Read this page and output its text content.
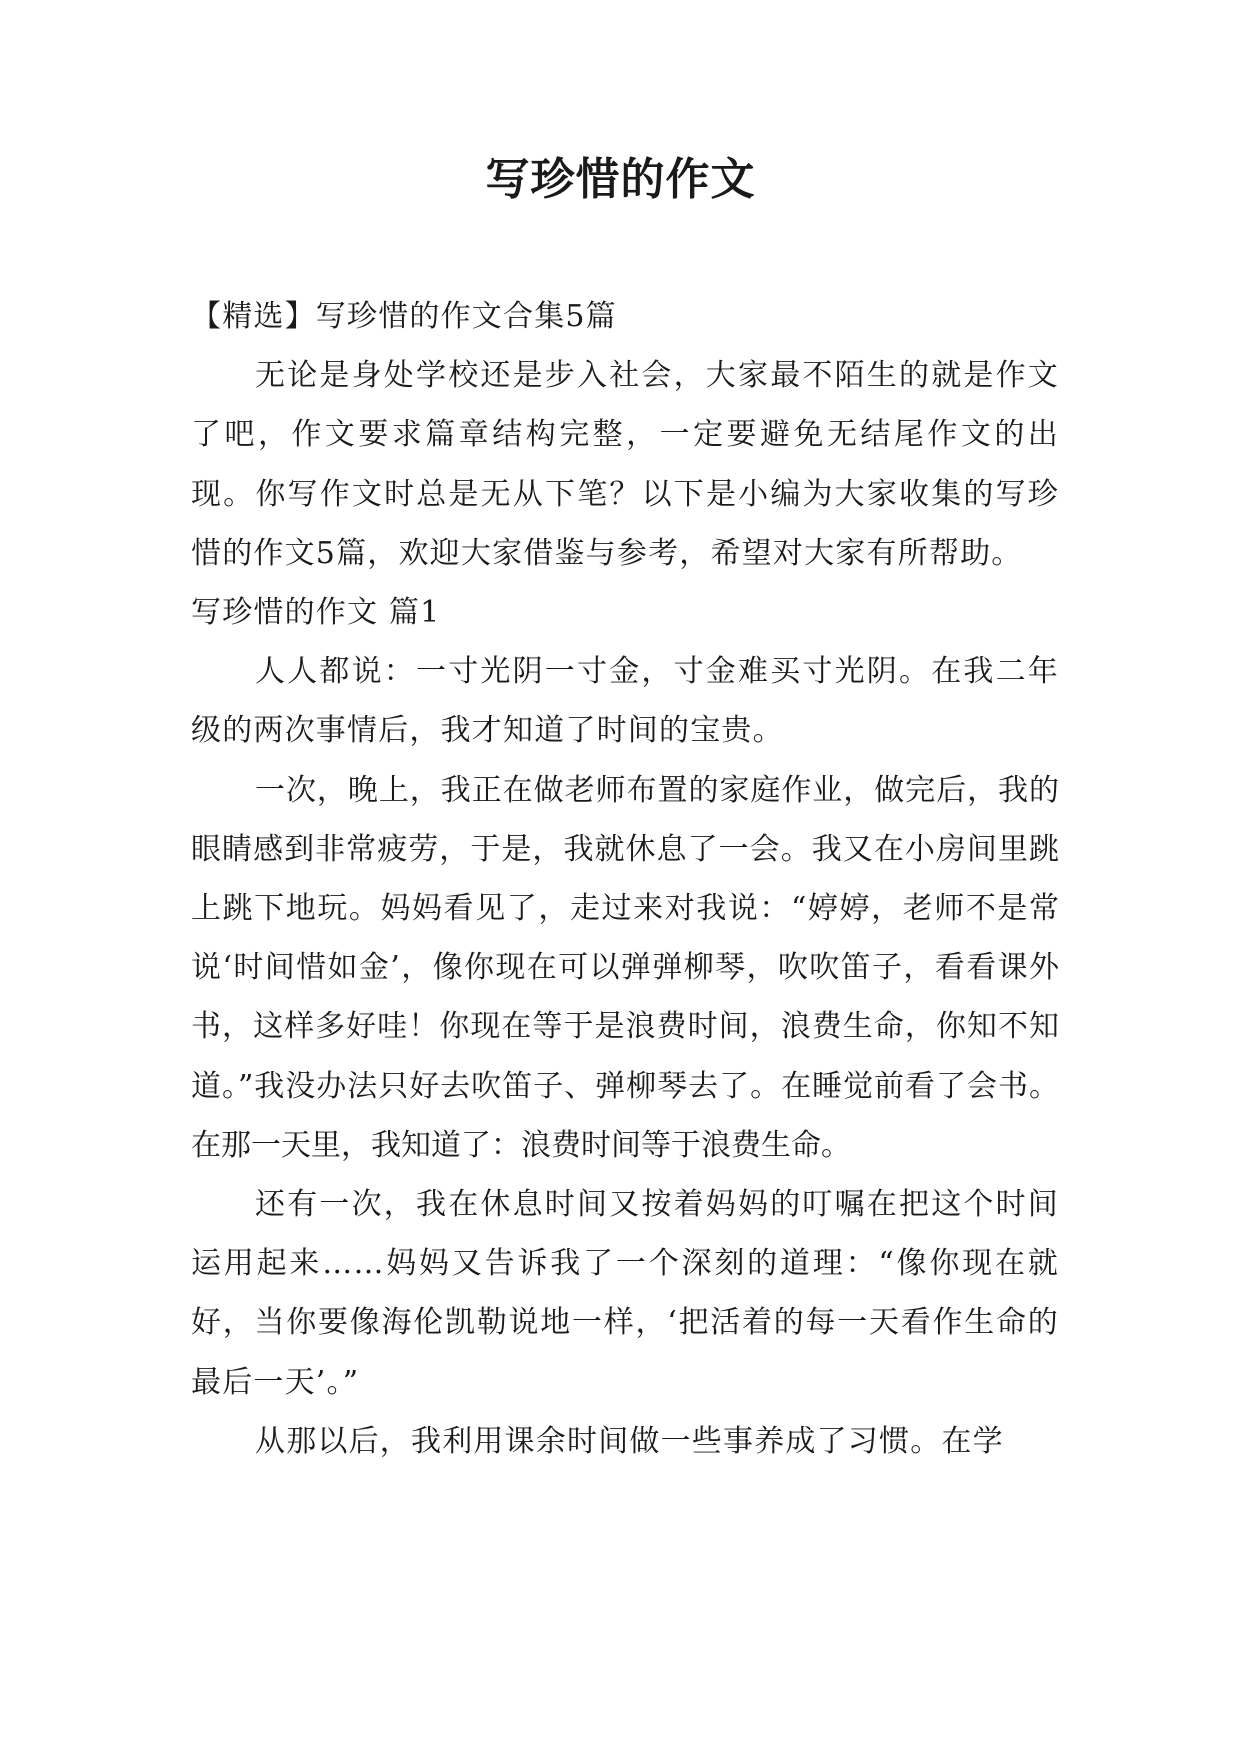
写珍惜的作文

【精选】写珍惜的作文合集5篇

无论是身处学校还是步入社会，大家最不陌生的就是作文了吧，作文要求篇章结构完整，一定要避免无结尾作文的出现。你写作文时总是无从下笔？以下是小编为大家收集的写珍惜的作文5篇，欢迎大家借鉴与参考，希望对大家有所帮助。

写珍惜的作文 篇1

人人都说：一寸光阴一寸金，寸金难买寸光阴。在我二年级的两次事情后，我才知道了时间的宝贵。

一次，晚上，我正在做老师布置的家庭作业，做完后，我的眼睛感到非常疲劳，于是，我就休息了一会。我又在小房间里跳上跳下地玩。妈妈看见了，走过来对我说：“婷婷，老师不是常说‘时间惜如金’，像你现在可以弹弹柳琴，吹吹笛子，看看课外书，这样多好哇！你现在等于是浪费时间，浪费生命，你知不知道。”我没办法只好去吹笛子、弹柳琴去了。在睡觉前看了会书。在那一天里，我知道了：浪费时间等于浪费生命。

还有一次，我在休息时间又按着妈妈的叮嘱在把这个时间运用起来……妈妈又告诉我了一个深刻的道理：“像你现在就好，当你要像海伦凯勒说地一样，‘把活着的每一天看作生命的最后一天’。”

从那以后，我利用课余时间做一些事养成了习惯。在学
